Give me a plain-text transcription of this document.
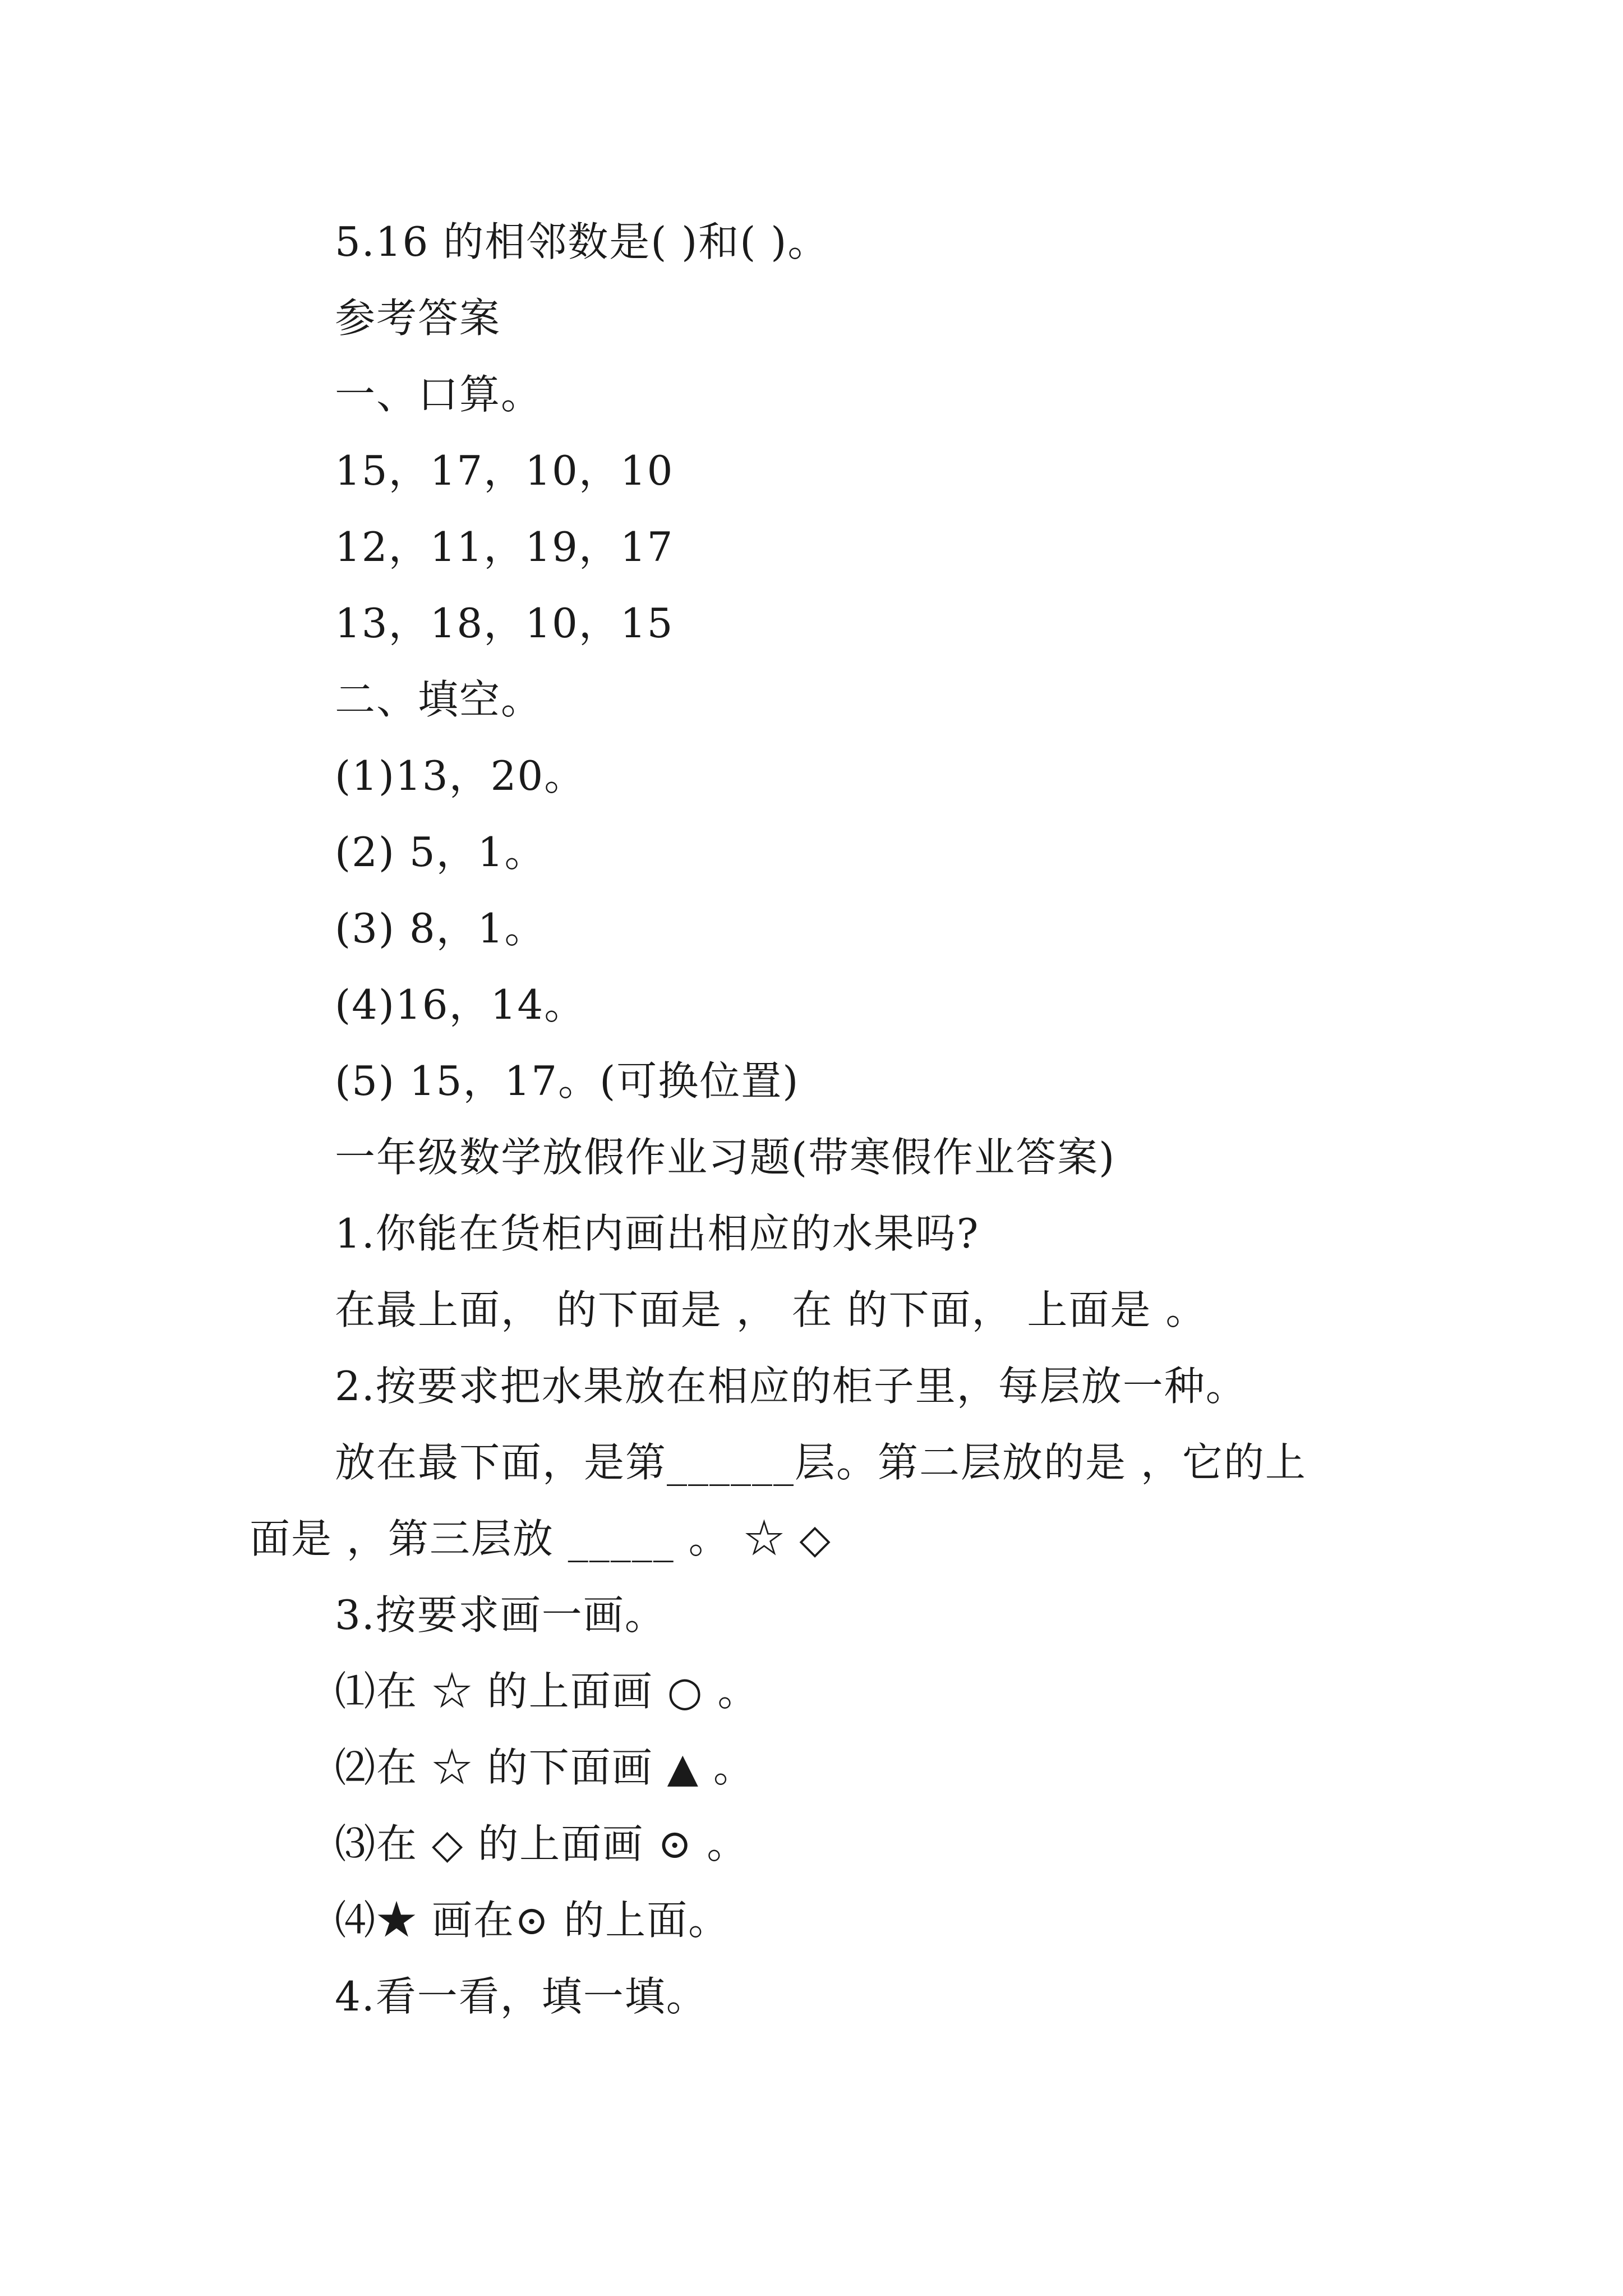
5.16 的相邻数是( )和( )。
参考答案
一、口算。
15，17，10，10
12，11，19，17
13，18，10，15
二、填空。
(1)13，20。
(2) 5，1。
(3) 8，1。
(4)16，14。
(5) 15，17。(可换位置)
一年级数学放假作业习题(带寒假作业答案)
1.你能在货柜内画出相应的水果吗?
在最上面， 的下面是 ， 在 的下面， 上面是 。
2.按要求把水果放在相应的柜子里，每层放一种。
放在最下面，是第______层。第二层放的是 ，它的上
面是 ，第三层放 _____ 。 ☆ ◇
3.按要求画一画。
⑴在 ☆ 的上面画 ○ 。
⑵在 ☆ 的下面画 ▲ 。
⑶在 ◇ 的上面画 ⊙ 。
⑷★ 画在⊙ 的上面。
4.看一看，填一填。
